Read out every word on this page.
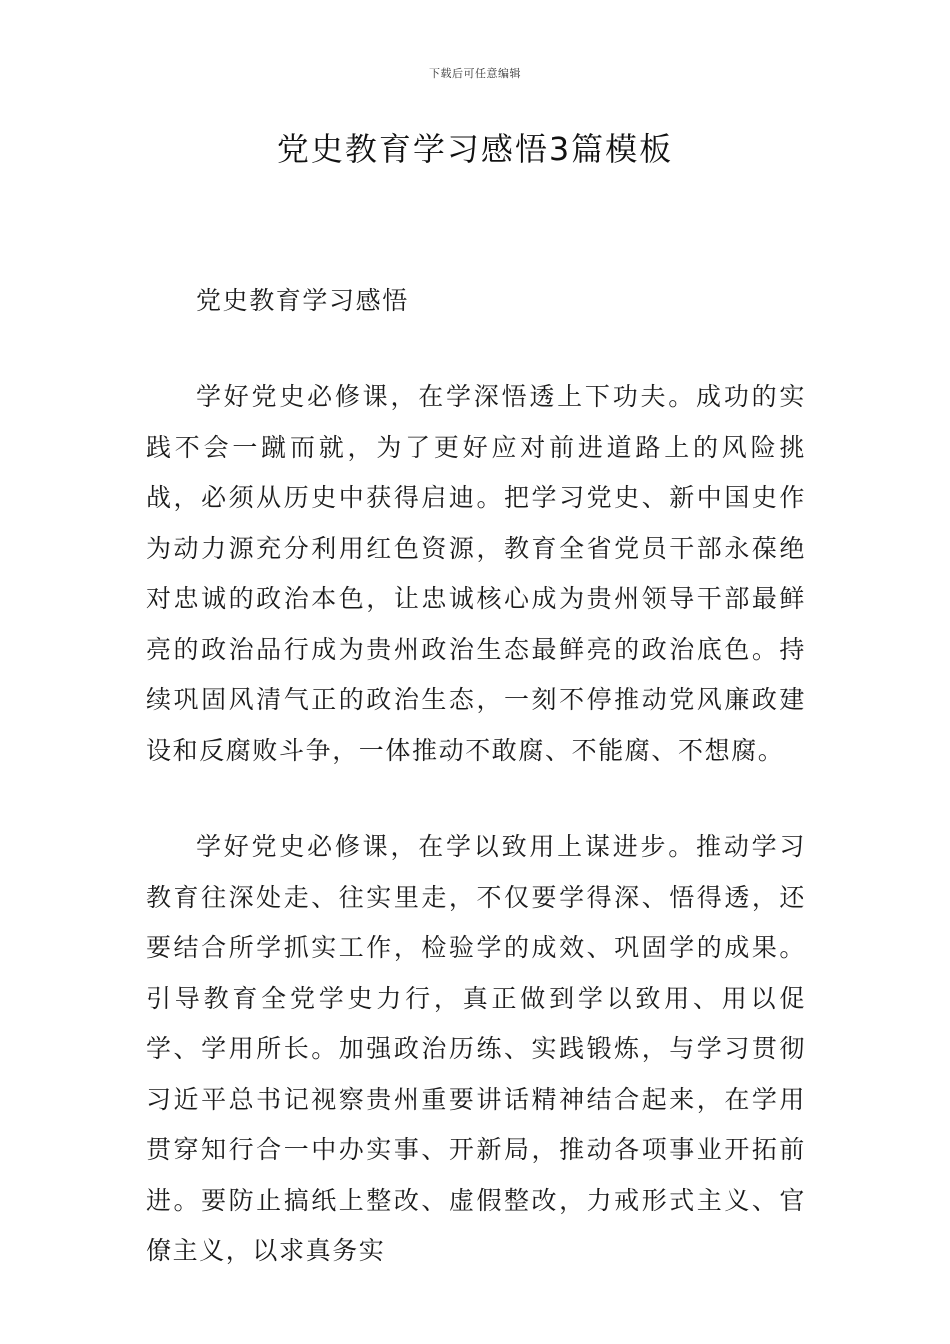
下载后可任意编辑
党史教育学习感悟3篇模板

党史教育学习感悟

学好党史必修课，在学深悟透上下功夫。成功的实践不会一蹴而就，为了更好应对前进道路上的风险挑战，必须从历史中获得启迪。把学习党史、新中国史作为动力源充分利用红色资源，教育全省党员干部永葆绝对忠诚的政治本色，让忠诚核心成为贵州领导干部最鲜亮的政治品行成为贵州政治生态最鲜亮的政治底色。持续巩固风清气正的政治生态，一刻不停推动党风廉政建设和反腐败斗争，一体推动不敢腐、不能腐、不想腐。

学好党史必修课，在学以致用上谋进步。推动学习教育往深处走、往实里走，不仅要学得深、悟得透，还要结合所学抓实工作，检验学的成效、巩固学的成果。引导教育全党学史力行，真正做到学以致用、用以促学、学用所长。加强政治历练、实践锻炼，与学习贯彻习近平总书记视察贵州重要讲话精神结合起来，在学用贯穿知行合一中办实事、开新局，推动各项事业开拓前进。要防止搞纸上整改、虚假整改，力戒形式主义、官僚主义，以求真务实
